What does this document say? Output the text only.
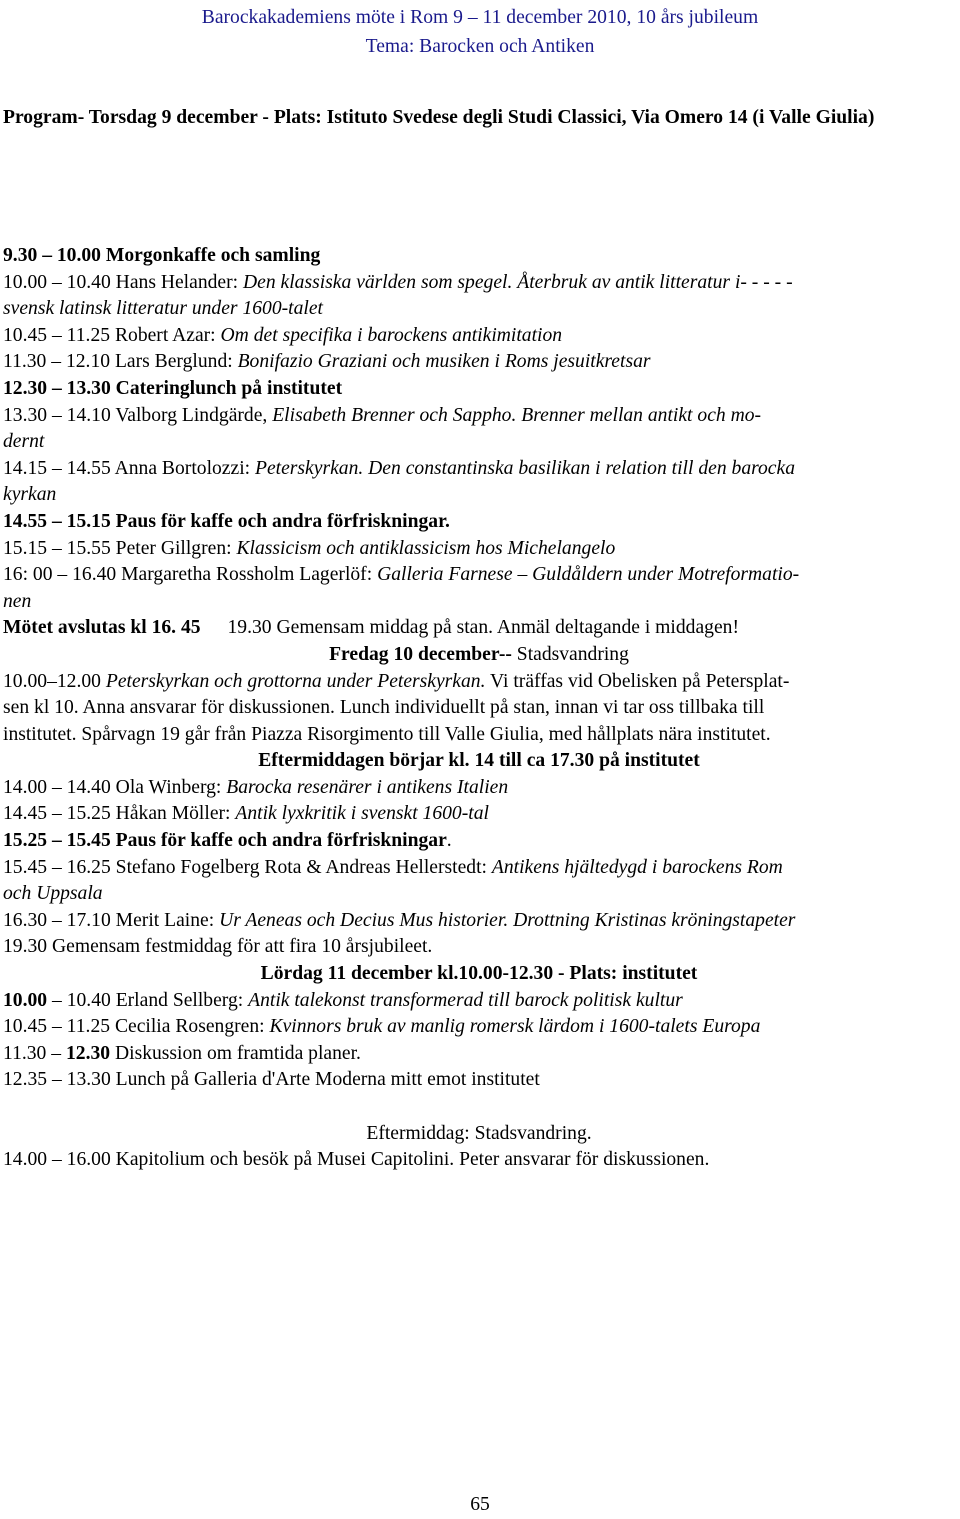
Barockakademiens möte i Rom 9 – 11 december 2010, 10 års jubileum
Tema: Barocken och Antiken
Program- Torsdag 9 december - Plats: Istituto Svedese degli Studi Classici, Via Omero 14 (i Valle Giulia)
9.30 – 10.00 Morgonkaffe och samling
10.00 – 10.40 Hans Helander: Den klassiska världen som spegel. Återbruk av antik litteratur i- - - - -
svensk latinsk litteratur under 1600-talet
10.45 – 11.25 Robert Azar: Om det specifika i barockens antikimitation
11.30 – 12.10 Lars Berglund: Bonifazio Graziani och musiken i Roms jesuitkretsar
12.30 – 13.30 Cateringlunch på institutet
13.30 – 14.10 Valborg Lindgärde, Elisabeth Brenner och Sappho. Brenner mellan antikt och mo-
dernt
14.15 – 14.55 Anna Bortolozzi: Peterskyrkan. Den constantinska basilikan i relation till den barocka
kyrkan
14.55 – 15.15 Paus för kaffe och andra förfriskningar.
15.15 – 15.55 Peter Gillgren: Klassicism och antiklassicism hos Michelangelo
16: 00 – 16.40 Margaretha Rossholm Lagerlöf: Galleria Farnese – Guldåldern under Motreformatio-
nen
Mötet avslutas kl 16. 45 19.30 Gemensam middag på stan. Anmäl deltagande i middagen!
Fredag 10 december-- Stadsvandring
10.00–12.00 Peterskyrkan och grottorna under Peterskyrkan. Vi träffas vid Obelisken på Petersplat-
sen kl 10. Anna ansvarar för diskussionen. Lunch individuellt på stan, innan vi tar oss tillbaka till
institutet. Spårvagn 19 går från Piazza Risorgimento till Valle Giulia, med hållplats nära institutet.
Eftermiddagen börjar kl. 14 till ca 17.30 på institutet
14.00 – 14.40 Ola Winberg: Barocka resenärer i antikens Italien
14.45 – 15.25 Håkan Möller: Antik lyxkritik i svenskt 1600-tal
15.25 – 15.45 Paus för kaffe och andra förfriskningar.
15.45 – 16.25 Stefano Fogelberg Rota & Andreas Hellerstedt: Antikens hjältedygd i barockens Rom
och Uppsala
16.30 – 17.10 Merit Laine: Ur Aeneas och Decius Mus historier. Drottning Kristinas kröningstapeter
19.30 Gemensam festmiddag för att fira 10 årsjubileet.
Lördag 11 december kl.10.00-12.30 - Plats: institutet
10.00 – 10.40 Erland Sellberg: Antik talekonst transformerad till barock politisk kultur
10.45 – 11.25 Cecilia Rosengren: Kvinnors bruk av manlig romersk lärdom i 1600-talets Europa
11.30 – 12.30 Diskussion om framtida planer.
12.35 – 13.30 Lunch på Galleria d'Arte Moderna mitt emot institutet
Eftermiddag: Stadsvandring.
14.00 – 16.00 Kapitolium och besök på Musei Capitolini. Peter ansvarar för diskussionen.
65
